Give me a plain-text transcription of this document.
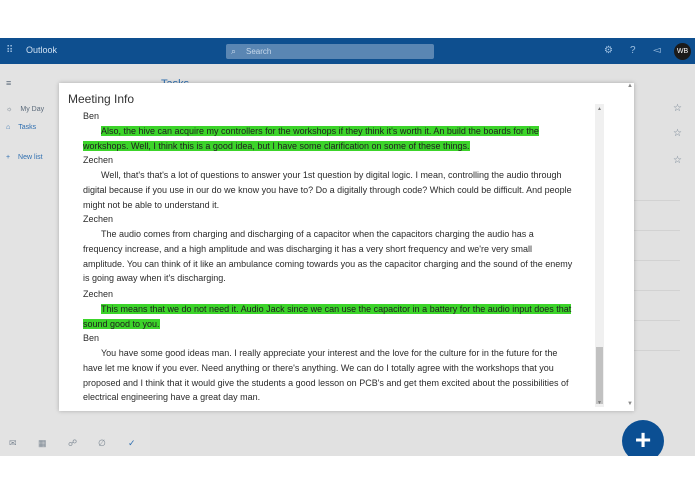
⠿ Outlook	⌕ Search	⚙ ? ◅	WB
≡
☼ My Day
⌂ Tasks
+ New list
✉ ▦ ☍ ∅ ✓
☆
☆
☆
+
Meeting Info
Ben
Also, the hive can acquire my controllers for the workshops if they think it's worth it. An build the boards for the workshops. Well, I think this is a good idea, but I have some clarification on some of these things.
Zechen
Well, that's that's a lot of questions to answer your 1st question by digital logic. I mean, controlling the audio through digital because if you use in our do we know you have to? Do a digitally through code? Which could be difficult. And people might not be able to understand it.
Zechen
The audio comes from charging and discharging of a capacitor when the capacitors charging the audio has a frequency increase, and a high amplitude and was discharging it has a very short frequency and we're very small amplitude. You can think of it like an ambulance coming towards you as the capacitor charging and the sound of the enemy is going away when it's discharging.
Zechen
This means that we do not need it. Audio Jack since we can use the capacitor in a battery for the audio input does that sound good to you.
Ben
You have some good ideas man. I really appreciate your interest and the love for the culture for in the future for the have let me know if you ever. Need anything or there's anything. We can do I totally agree with the workshops that you proposed and I think that it would give the students a good lesson on PCB's and get them excited about the possibilities of electrical engineering have a great day man.
▲
▼
▲
▼
